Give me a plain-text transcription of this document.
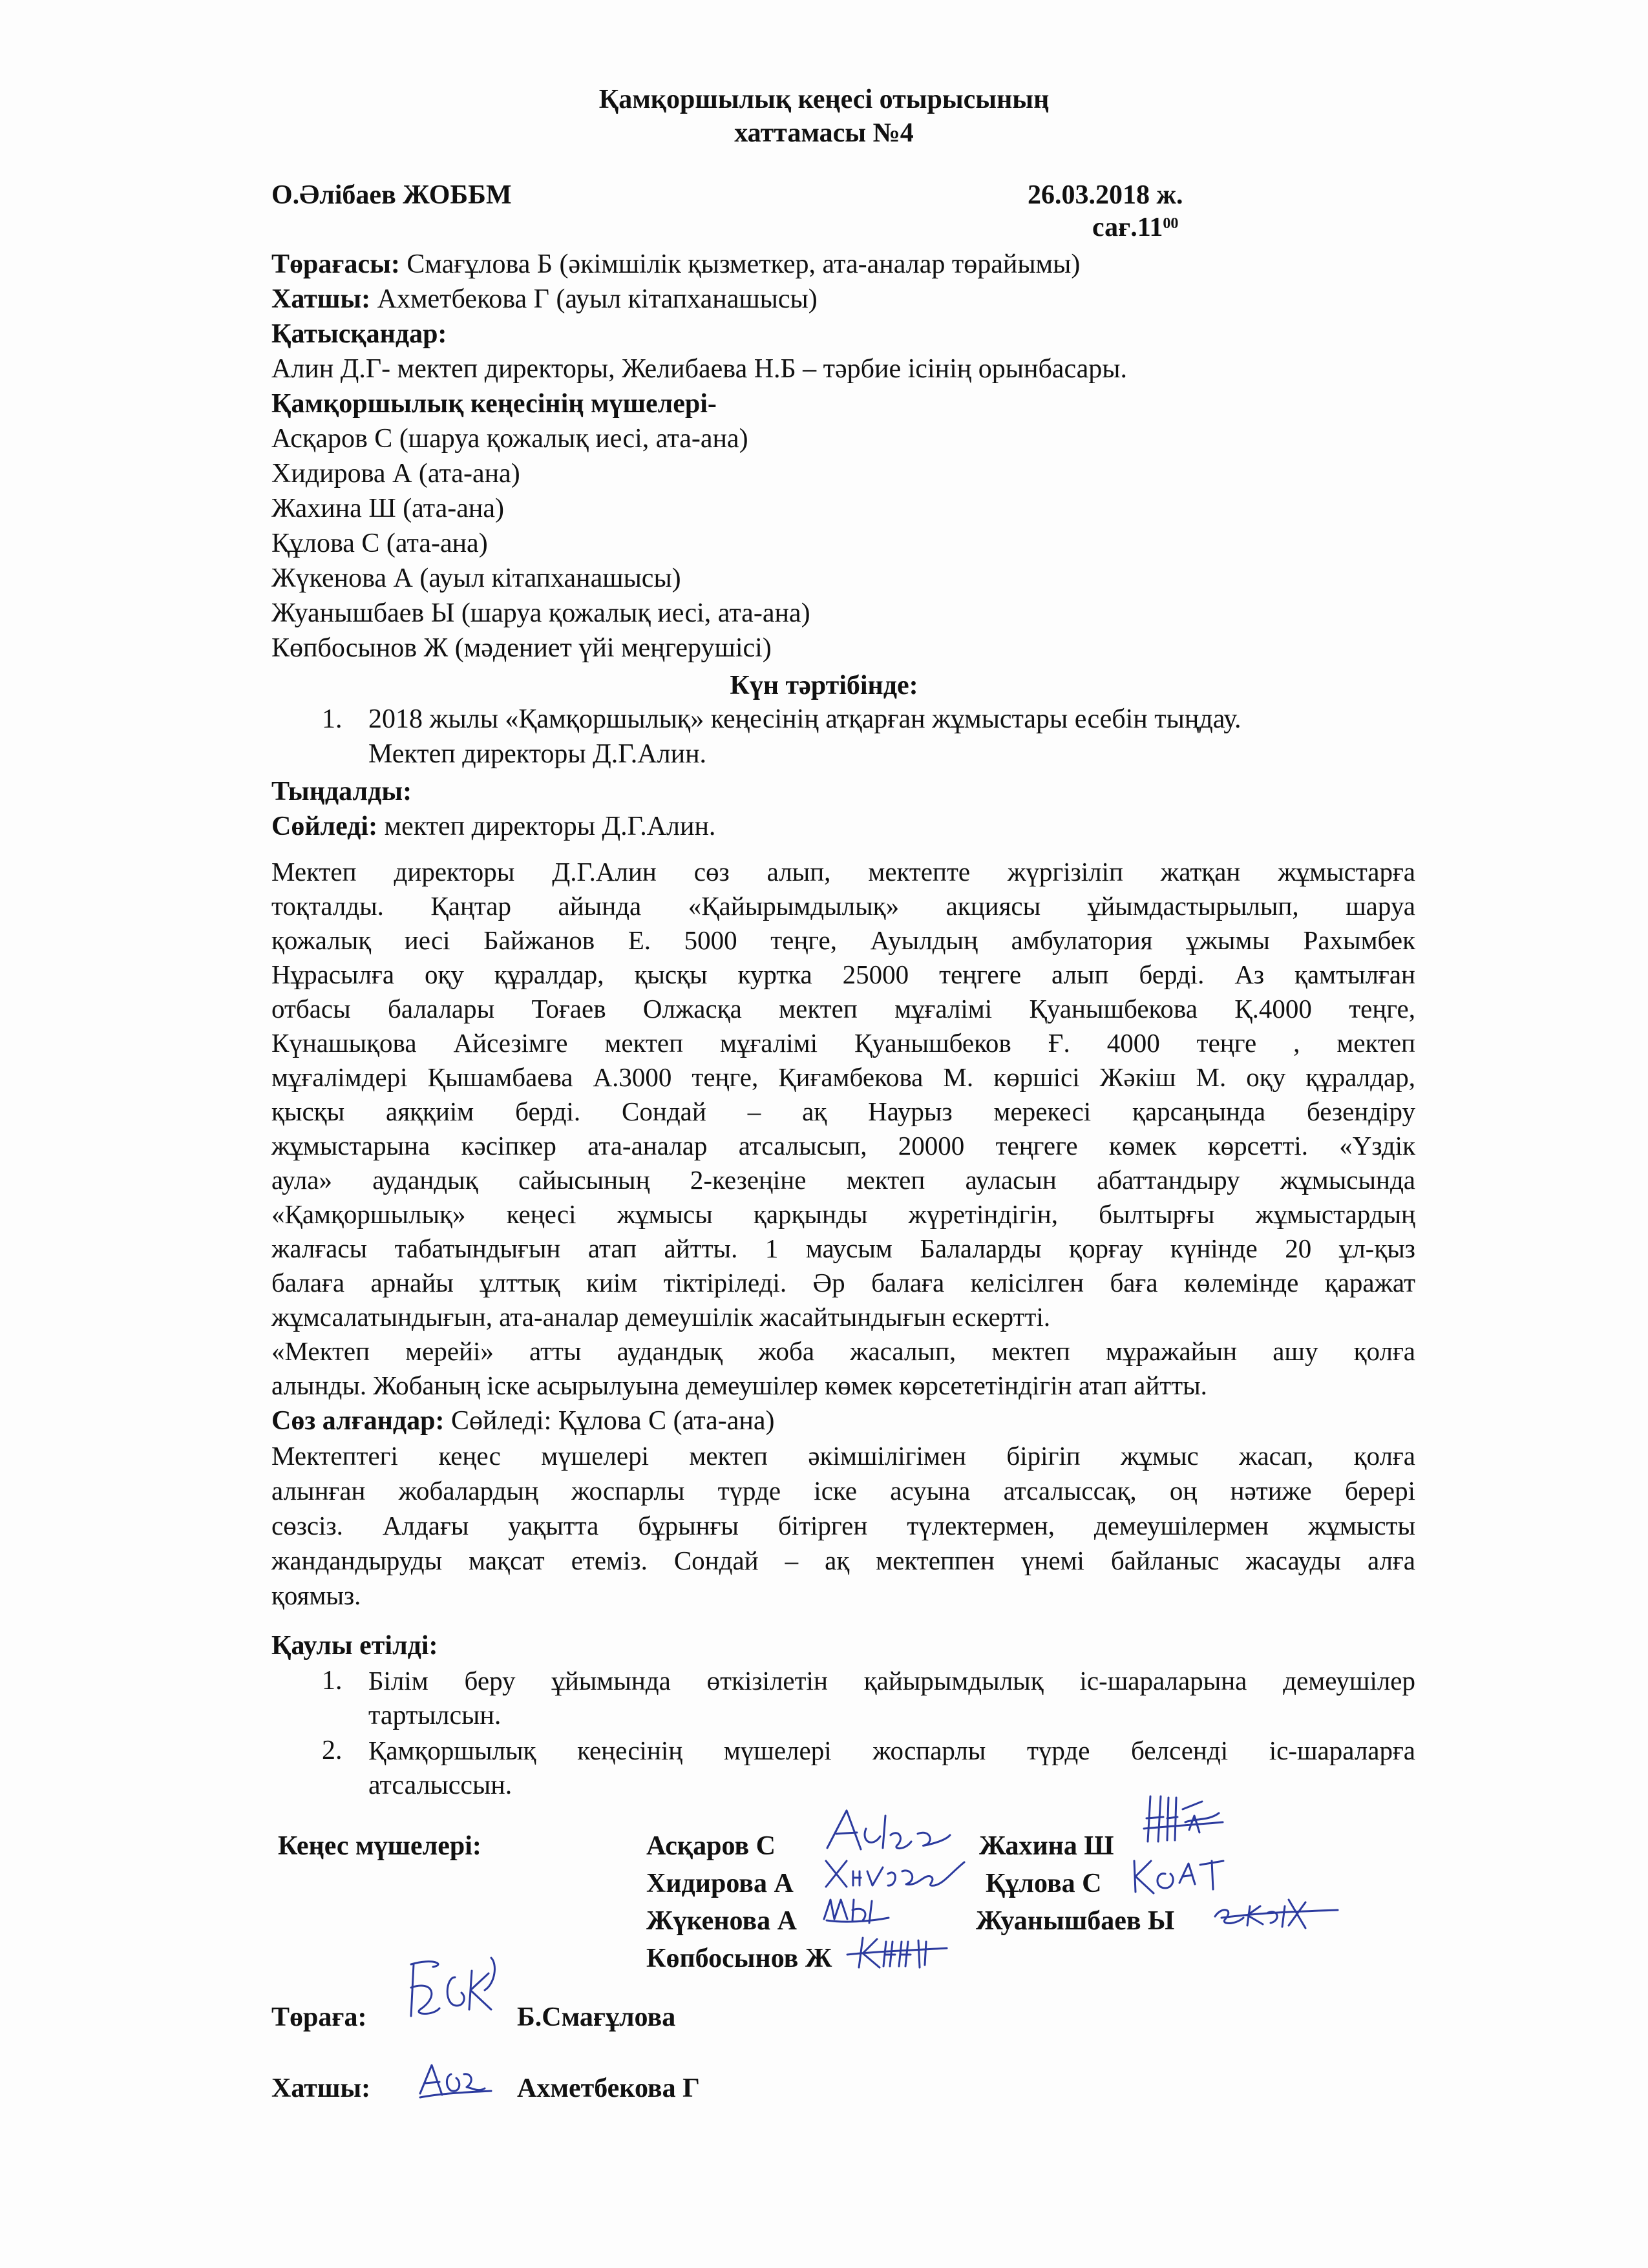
Қамқоршылық кеңесі отырысының
хаттамасы №4
О.Әлібаев ЖОББМ	26.03.2018 ж.
$сағ.11^{00}$
Төрағасы: Смағұлова Б (әкімшілік қызметкер, ата-аналар төрайымы)
Хатшы: Ахметбекова Г (ауыл кітапханашысы)
Қатысқандар:
Алин Д.Г- мектеп директоры, Желибаева Н.Б – тәрбие ісінің орынбасары.
Қамқоршылық кеңесінің мүшелері-
Асқаров С (шаруа қожалық иесі, ата-ана)
Хидирова А (ата-ана)
Жахина Ш (ата-ана)
Құлова С (ата-ана)
Жүкенова А (ауыл кітапханашысы)
Жуанышбаев Ы (шаруа қожалық иесі, ата-ана)
Көпбосынов Ж (мәдениет үйі меңгерушісі)
Күн тәртібінде:
1. 2018 жылы «Қамқоршылық» кеңесінің атқарған жұмыстары есебін тыңдау.
Мектеп директоры Д.Г.Алин.
Тыңдалды:
Сөйледі: мектеп директоры Д.Г.Алин.
Мектеп директоры Д.Г.Алин сөз алып, мектепте жүргізіліп жатқан жұмыстарға
тоқталды. Қаңтар айында «Қайырымдылық» акциясы ұйымдастырылып, шаруа
қожалық иесі Байжанов Е. 5000 теңге, Ауылдың амбулатория ұжымы Рахымбек
Нұрасылға оқу құралдар, қысқы куртка 25000 теңгеге алып берді. Аз қамтылған
отбасы балалары Тоғаев Олжасқа мектеп мұғалімі Қуанышбекова Қ.4000 теңге,
Күнашықова Айсезімге мектеп мұғалімі Қуанышбеков Ғ. 4000 теңге , мектеп
мұғалімдері Қышамбаева А.3000 теңге, Қиғамбекова М. көршісі Жәкіш М. оқу құралдар,
қысқы аяққиім берді. Сондай – ақ Наурыз мерекесі қарсаңында безендіру
жұмыстарына кәсіпкер ата-аналар атсалысып, 20000 теңгеге көмек көрсетті. «Үздік
аула» аудандық сайысының 2-кезеңіне мектеп ауласын абаттандыру жұмысында
«Қамқоршылық» кеңесі жұмысы қарқынды жүретіндігін, былтырғы жұмыстардың
жалғасы табатындығын атап айтты. 1 маусым Балаларды қорғау күнінде 20 ұл-қыз
балаға арнайы ұлттық киім тіктіріледі. Әр балаға келісілген баға көлемінде қаражат
жұмсалатындығын, ата-аналар демеушілік жасайтындығын ескертті.
«Мектеп мерейі» атты аудандық жоба жасалып, мектеп мұражайын ашу қолға
алынды. Жобаның іске асырылуына демеушілер көмек көрсететіндігін атап айтты.
Сөз алғандар: Сөйледі: Құлова С (ата-ана)
Мектептегі кеңес мүшелері мектеп әкімшілігімен бірігіп жұмыс жасап, қолға
алынған жобалардың жоспарлы түрде іске асуына атсалыссақ, оң нәтиже берері
сөзсіз. Алдағы уақытта бұрынғы бітірген түлектермен, демеушілермен жұмысты
жандандыруды мақсат етеміз. Сондай – ақ мектеппен үнемі байланыс жасауды алға
қоямыз.
Қаулы етілді:
1. Білім беру ұйымында өткізілетін қайырымдылық іс-шараларына демеушілер
тартылсын.
2. Қамқоршылық кеңесінің мүшелері жоспарлы түрде белсенді іс-шараларға
атсалыссын.
Кеңес мүшелері:	Асқаров С	Жахина Ш
Хидирова А	Құлова С
Жүкенова А	Жуанышбаев Ы
Көпбосынов Ж
Төраға:	Б.Смағұлова
Хатшы:	Ахметбекова Г
